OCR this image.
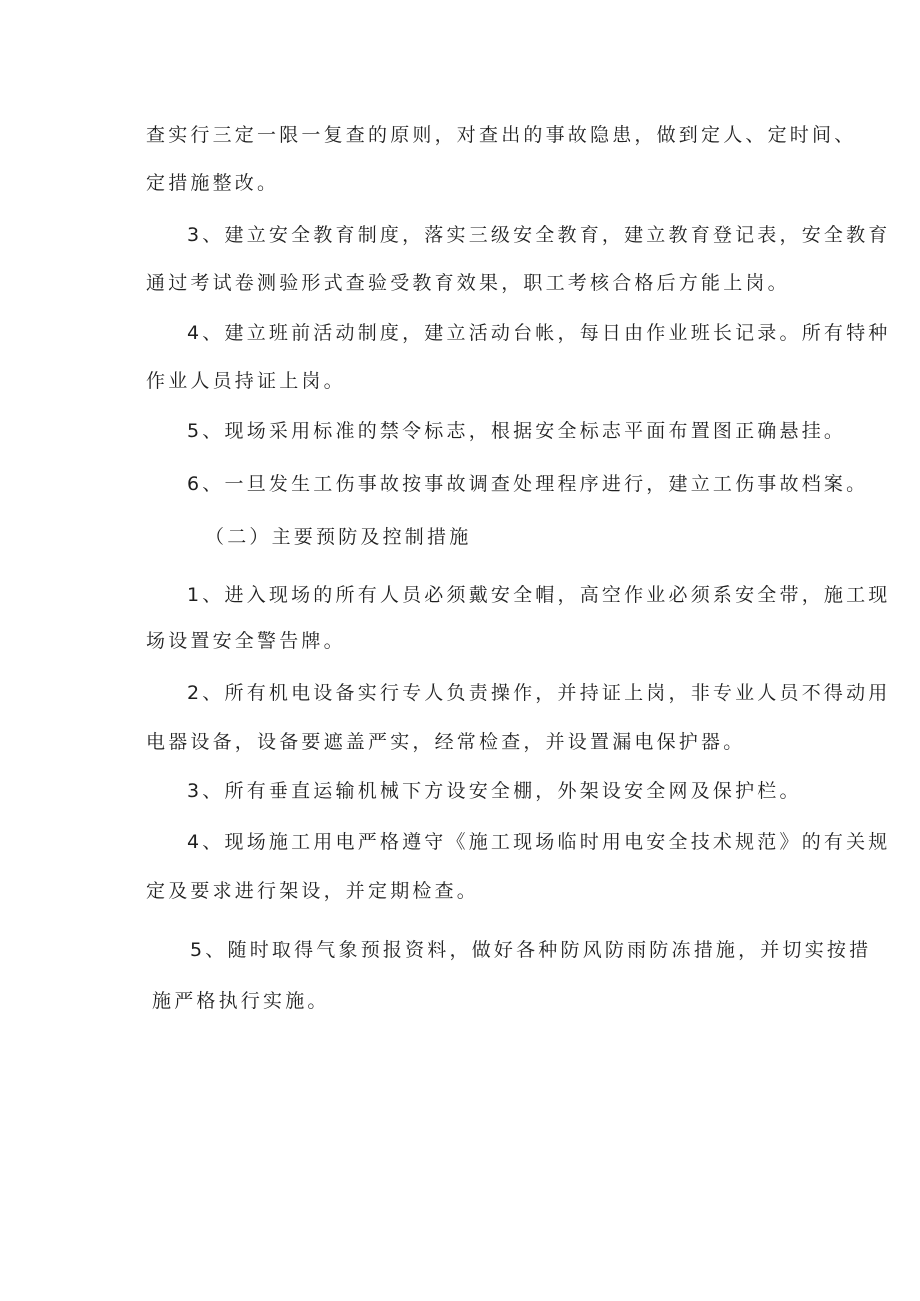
查实行三定一限一复查的原则，对查出的事故隐患，做到定人、定时间、
定措施整改。
3、建立安全教育制度，落实三级安全教育，建立教育登记表，安全教育
通过考试卷测验形式查验受教育效果，职工考核合格后方能上岗。
4、建立班前活动制度，建立活动台帐，每日由作业班长记录。所有特种
作业人员持证上岗。
5、现场采用标准的禁令标志，根据安全标志平面布置图正确悬挂。
6、一旦发生工伤事故按事故调查处理程序进行，建立工伤事故档案。
（二）主要预防及控制措施
1、进入现场的所有人员必须戴安全帽，高空作业必须系安全带，施工现
场设置安全警告牌。
2、所有机电设备实行专人负责操作，并持证上岗，非专业人员不得动用
电器设备，设备要遮盖严实，经常检查，并设置漏电保护器。
3、所有垂直运输机械下方设安全棚，外架设安全网及保护栏。
4、现场施工用电严格遵守《施工现场临时用电安全技术规范》的有关规
定及要求进行架设，并定期检查。
5、随时取得气象预报资料，做好各种防风防雨防冻措施，并切实按措
施严格执行实施。
